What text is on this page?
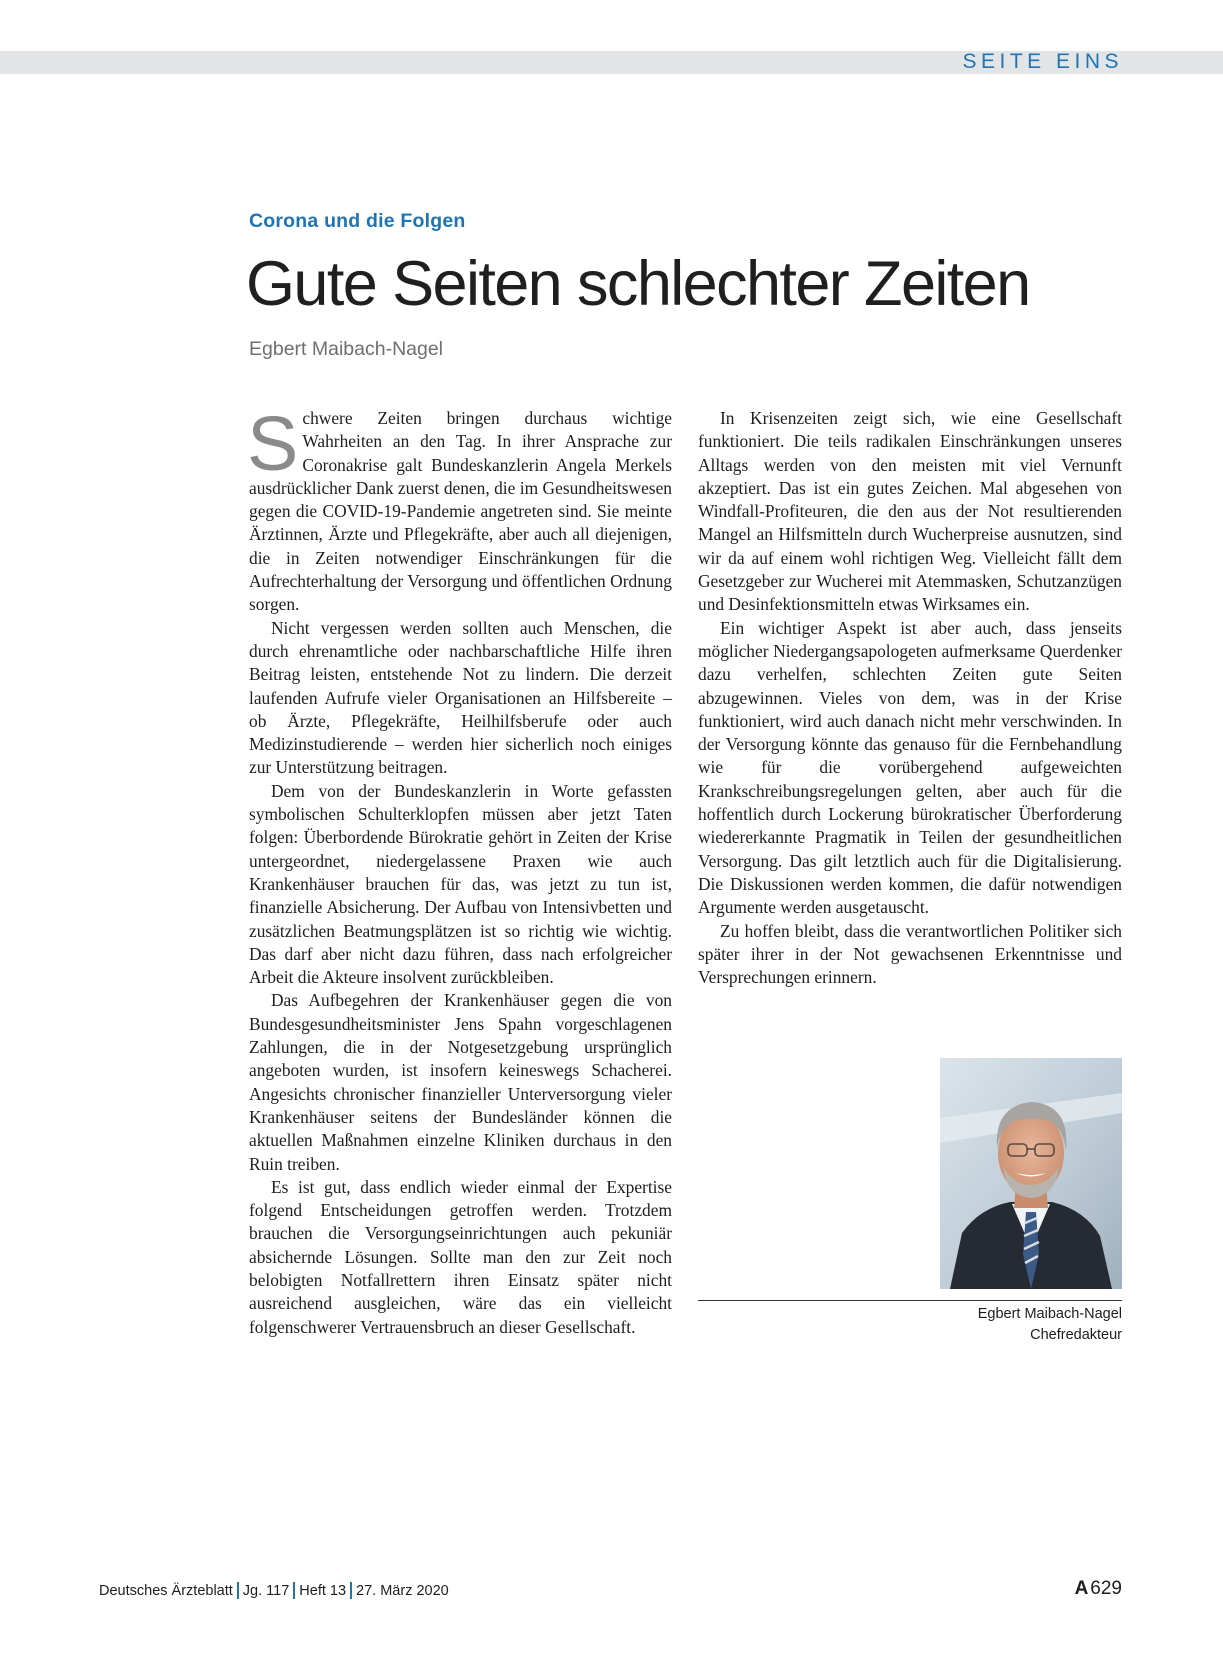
SEITE EINS
Corona und die Folgen
Gute Seiten schlechter Zeiten
Egbert Maibach-Nagel

Schwere Zeiten bringen durchaus wichtige Wahrheiten an den Tag. In ihrer Ansprache zur Coronakrise galt Bundeskanzlerin Angela Merkels ausdrücklicher Dank zuerst denen, die im Gesundheitswesen gegen die COVID-19-Pandemie angetreten sind. Sie meinte Ärztinnen, Ärzte und Pflegekräfte, aber auch all diejenigen, die in Zeiten notwendiger Einschränkungen für die Aufrechterhaltung der Versorgung und öffentlichen Ordnung sorgen.

Nicht vergessen werden sollten auch Menschen, die durch ehrenamtliche oder nachbarschaftliche Hilfe ihren Beitrag leisten, entstehende Not zu lindern. Die derzeit laufenden Aufrufe vieler Organisationen an Hilfsbereite – ob Ärzte, Pflegekräfte, Heilhilfsberufe oder auch Medizinstudierende – werden hier sicherlich noch einiges zur Unterstützung beitragen.

Dem von der Bundeskanzlerin in Worte gefassten symbolischen Schulterklopfen müssen aber jetzt Taten folgen: Überbordende Bürokratie gehört in Zeiten der Krise untergeordnet, niedergelassene Praxen wie auch Krankenhäuser brauchen für das, was jetzt zu tun ist, finanzielle Absicherung. Der Aufbau von Intensivbetten und zusätzlichen Beatmungsplätzen ist so richtig wie wichtig. Das darf aber nicht dazu führen, dass nach erfolgreicher Arbeit die Akteure insolvent zurückbleiben.

Das Aufbegehren der Krankenhäuser gegen die von Bundesgesundheitsminister Jens Spahn vorgeschlagenen Zahlungen, die in der Notgesetzgebung ursprünglich angeboten wurden, ist insofern keineswegs Schacherei. Angesichts chronischer finanzieller Unterversorgung vieler Krankenhäuser seitens der Bundesländer können die aktuellen Maßnahmen einzelne Kliniken durchaus in den Ruin treiben.

Es ist gut, dass endlich wieder einmal der Expertise folgend Entscheidungen getroffen werden. Trotzdem brauchen die Versorgungseinrichtungen auch pekuniär absichernde Lösungen. Sollte man den zur Zeit noch belobigten Notfallrettern ihren Einsatz später nicht ausreichend ausgleichen, wäre das ein vielleicht folgenschwerer Vertrauensbruch an dieser Gesellschaft.

In Krisenzeiten zeigt sich, wie eine Gesellschaft funktioniert. Die teils radikalen Einschränkungen unseres Alltags werden von den meisten mit viel Vernunft akzeptiert. Das ist ein gutes Zeichen. Mal abgesehen von Windfall-Profiteuren, die den aus der Not resultierenden Mangel an Hilfsmitteln durch Wucherpreise ausnutzen, sind wir da auf einem wohl richtigen Weg. Vielleicht fällt dem Gesetzgeber zur Wucherei mit Atemmasken, Schutzanzügen und Desinfektionsmitteln etwas Wirksames ein.

Ein wichtiger Aspekt ist aber auch, dass jenseits möglicher Niedergangsapologeten aufmerksame Querdenker dazu verhelfen, schlechten Zeiten gute Seiten abzugewinnen. Vieles von dem, was in der Krise funktioniert, wird auch danach nicht mehr verschwinden. In der Versorgung könnte das genauso für die Fernbehandlung wie für die vorübergehend aufgeweichten Krankschreibungsregelungen gelten, aber auch für die hoffentlich durch Lockerung bürokratischer Überforderung wiedererkannte Pragmatik in Teilen der gesundheitlichen Versorgung. Das gilt letztlich auch für die Digitalisierung. Die Diskussionen werden kommen, die dafür notwendigen Argumente werden ausgetauscht.

Zu hoffen bleibt, dass die verantwortlichen Politiker sich später ihrer in der Not gewachsenen Erkenntnisse und Versprechungen erinnern.

Egbert Maibach-Nagel
Chefredakteur
Deutsches Ärzteblatt Jg. 117 Heft 13 27. März 2020	A 629
